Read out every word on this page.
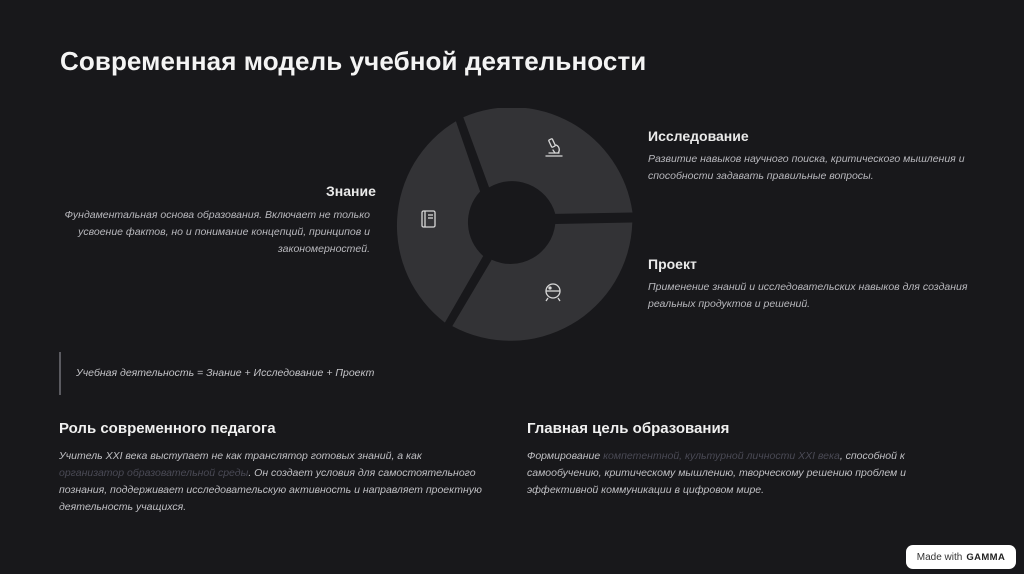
Современная модель учебной деятельности
Знание
Фундаментальная основа образования. Включает не только усвоение фактов, но и понимание концепций, принципов и закономерностей.
Исследование
Развитие навыков научного поиска, критического мышления и способности задавать правильные вопросы.
Проект
Применение знаний и исследовательских навыков для создания реальных продуктов и решений.
Учебная деятельность = Знание + Исследование + Проект
Роль современного педагога
Учитель XXI века выступает не как транслятор готовых знаний, а как организатор образовательной среды. Он создает условия для самостоятельного познания, поддерживает исследовательскую активность и направляет проектную деятельность учащихся.
Главная цель образования
Формирование компетентной, культурной личности XXI века, способной к самообучению, критическому мышлению, творческому решению проблем и эффективной коммуникации в цифровом мире.
Made with GAMMA
